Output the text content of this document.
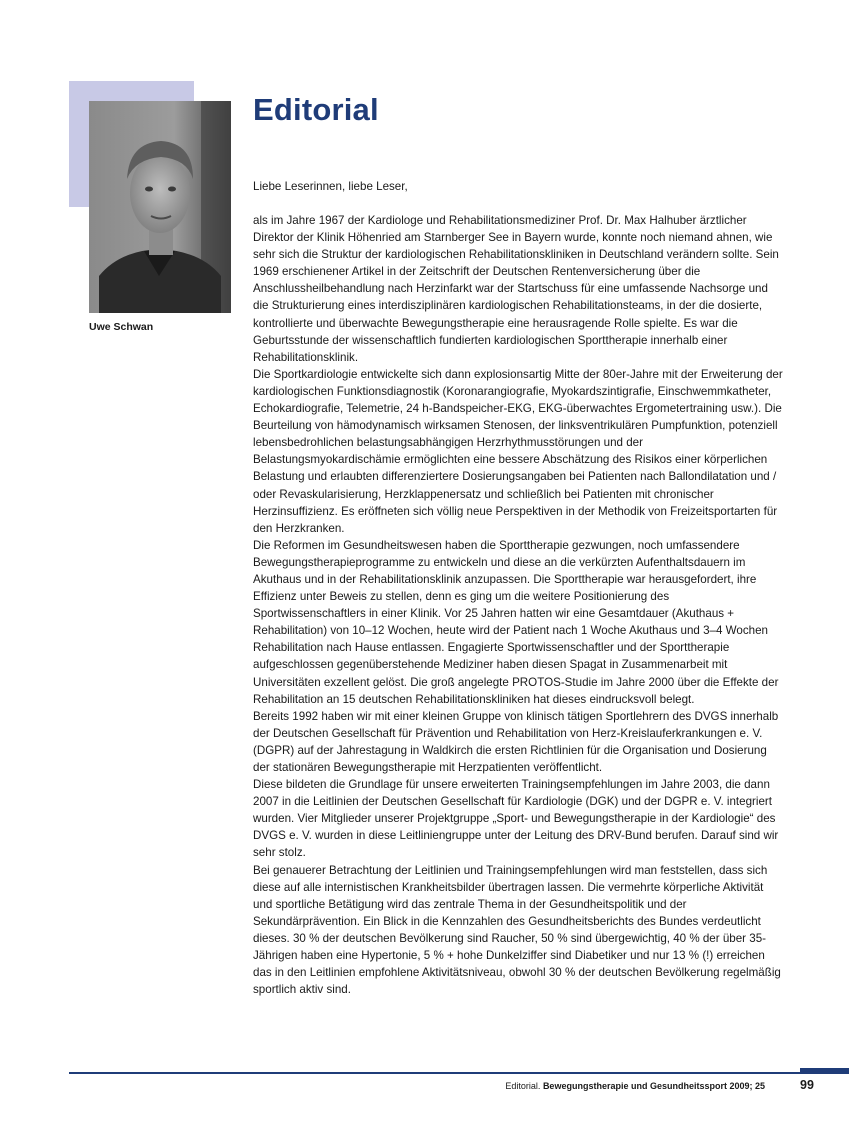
Uwe Schwan
Editorial

Liebe Leserinnen, liebe Leser,

als im Jahre 1967 der Kardiologe und Rehabilitationsmediziner Prof. Dr. Max Halhuber ärztlicher Direktor der Klinik Höhenried am Starnberger See in Bayern wurde, konnte noch niemand ahnen, wie sehr sich die Struktur der kardiologischen Rehabilitationskliniken in Deutschland verändern sollte. Sein 1969 erschienener Artikel in der Zeitschrift der Deutschen Rentenversicherung über die Anschlussheilbehandlung nach Herzinfarkt war der Startschuss für eine umfassende Nachsorge und die Strukturierung eines interdisziplinären kardiologischen Rehabilitationsteams, in der die dosierte, kontrollierte und überwachte Bewegungstherapie eine herausragende Rolle spielte. Es war die Geburtsstunde der wissenschaftlich fundierten kardiologischen Sporttherapie innerhalb einer Rehabilitationsklinik.

Die Sportkardiologie entwickelte sich dann explosionsartig Mitte der 80er-Jahre mit der Erweiterung der kardiologischen Funktionsdiagnostik (Koronarangiografie, Myokardszintigrafie, Einschwemmkatheter, Echokardiografie, Telemetrie, 24 h-Bandspeicher-EKG, EKG-überwachtes Ergometertraining usw.). Die Beurteilung von hämodynamisch wirksamen Stenosen, der linksventrikulären Pumpfunktion, potenziell lebensbedrohlichen belastungsabhängigen Herzrhythmusstörungen und der Belastungsmyokardischämie ermöglichten eine bessere Abschätzung des Risikos einer körperlichen Belastung und erlaubten differenziertere Dosierungsangaben bei Patienten nach Ballondilatation und / oder Revaskularisierung, Herzklappenersatz und schließlich bei Patienten mit chronischer Herzinsuffizienz. Es eröffneten sich völlig neue Perspektiven in der Methodik von Freizeitsportarten für den Herzkranken.

Die Reformen im Gesundheitswesen haben die Sporttherapie gezwungen, noch umfassendere Bewegungstherapieprogramme zu entwickeln und diese an die verkürzten Aufenthaltsdauern im Akuthaus und in der Rehabilitationsklinik anzupassen. Die Sporttherapie war herausgefordert, ihre Effizienz unter Beweis zu stellen, denn es ging um die weitere Positionierung des Sportwissenschaftlers in einer Klinik. Vor 25 Jahren hatten wir eine Gesamtdauer (Akuthaus + Rehabilitation) von 10–12 Wochen, heute wird der Patient nach 1 Woche Akuthaus und 3–4 Wochen Rehabilitation nach Hause entlassen. Engagierte Sportwissenschaftler und der Sporttherapie aufgeschlossen gegenüberstehende Mediziner haben diesen Spagat in Zusammenarbeit mit Universitäten exzellent gelöst. Die groß angelegte PROTOS-Studie im Jahre 2000 über die Effekte der Rehabilitation an 15 deutschen Rehabilitationskliniken hat dieses eindrucksvoll belegt.

Bereits 1992 haben wir mit einer kleinen Gruppe von klinisch tätigen Sportlehrern des DVGS innerhalb der Deutschen Gesellschaft für Prävention und Rehabilitation von Herz-Kreislauferkrankungen e. V. (DGPR) auf der Jahrestagung in Waldkirch die ersten Richtlinien für die Organisation und Dosierung der stationären Bewegungstherapie mit Herzpatienten veröffentlicht.

Diese bildeten die Grundlage für unsere erweiterten Trainingsempfehlungen im Jahre 2003, die dann 2007 in die Leitlinien der Deutschen Gesellschaft für Kardiologie (DGK) und der DGPR e. V. integriert wurden. Vier Mitglieder unserer Projektgruppe „Sport- und Bewegungstherapie in der Kardiologie“ des DVGS e. V. wurden in diese Leitliniengruppe unter der Leitung des DRV-Bund berufen. Darauf sind wir sehr stolz.

Bei genauerer Betrachtung der Leitlinien und Trainingsempfehlungen wird man feststellen, dass sich diese auf alle internistischen Krankheitsbilder übertragen lassen. Die vermehrte körperliche Aktivität und sportliche Betätigung wird das zentrale Thema in der Gesundheitspolitik und der Sekundärprävention. Ein Blick in die Kennzahlen des Gesundheitsberichts des Bundes verdeutlicht dieses. 30 % der deutschen Bevölkerung sind Raucher, 50 % sind übergewichtig, 40 % der über 35-Jährigen haben eine Hypertonie, 5 % + hohe Dunkelziffer sind Diabetiker und nur 13 % (!) erreichen das in den Leitlinien empfohlene Aktivitätsniveau, obwohl 30 % der deutschen Bevölkerung regelmäßig sportlich aktiv sind.

Editorial. Bewegungstherapie und Gesundheitssport 2009; 25	99
